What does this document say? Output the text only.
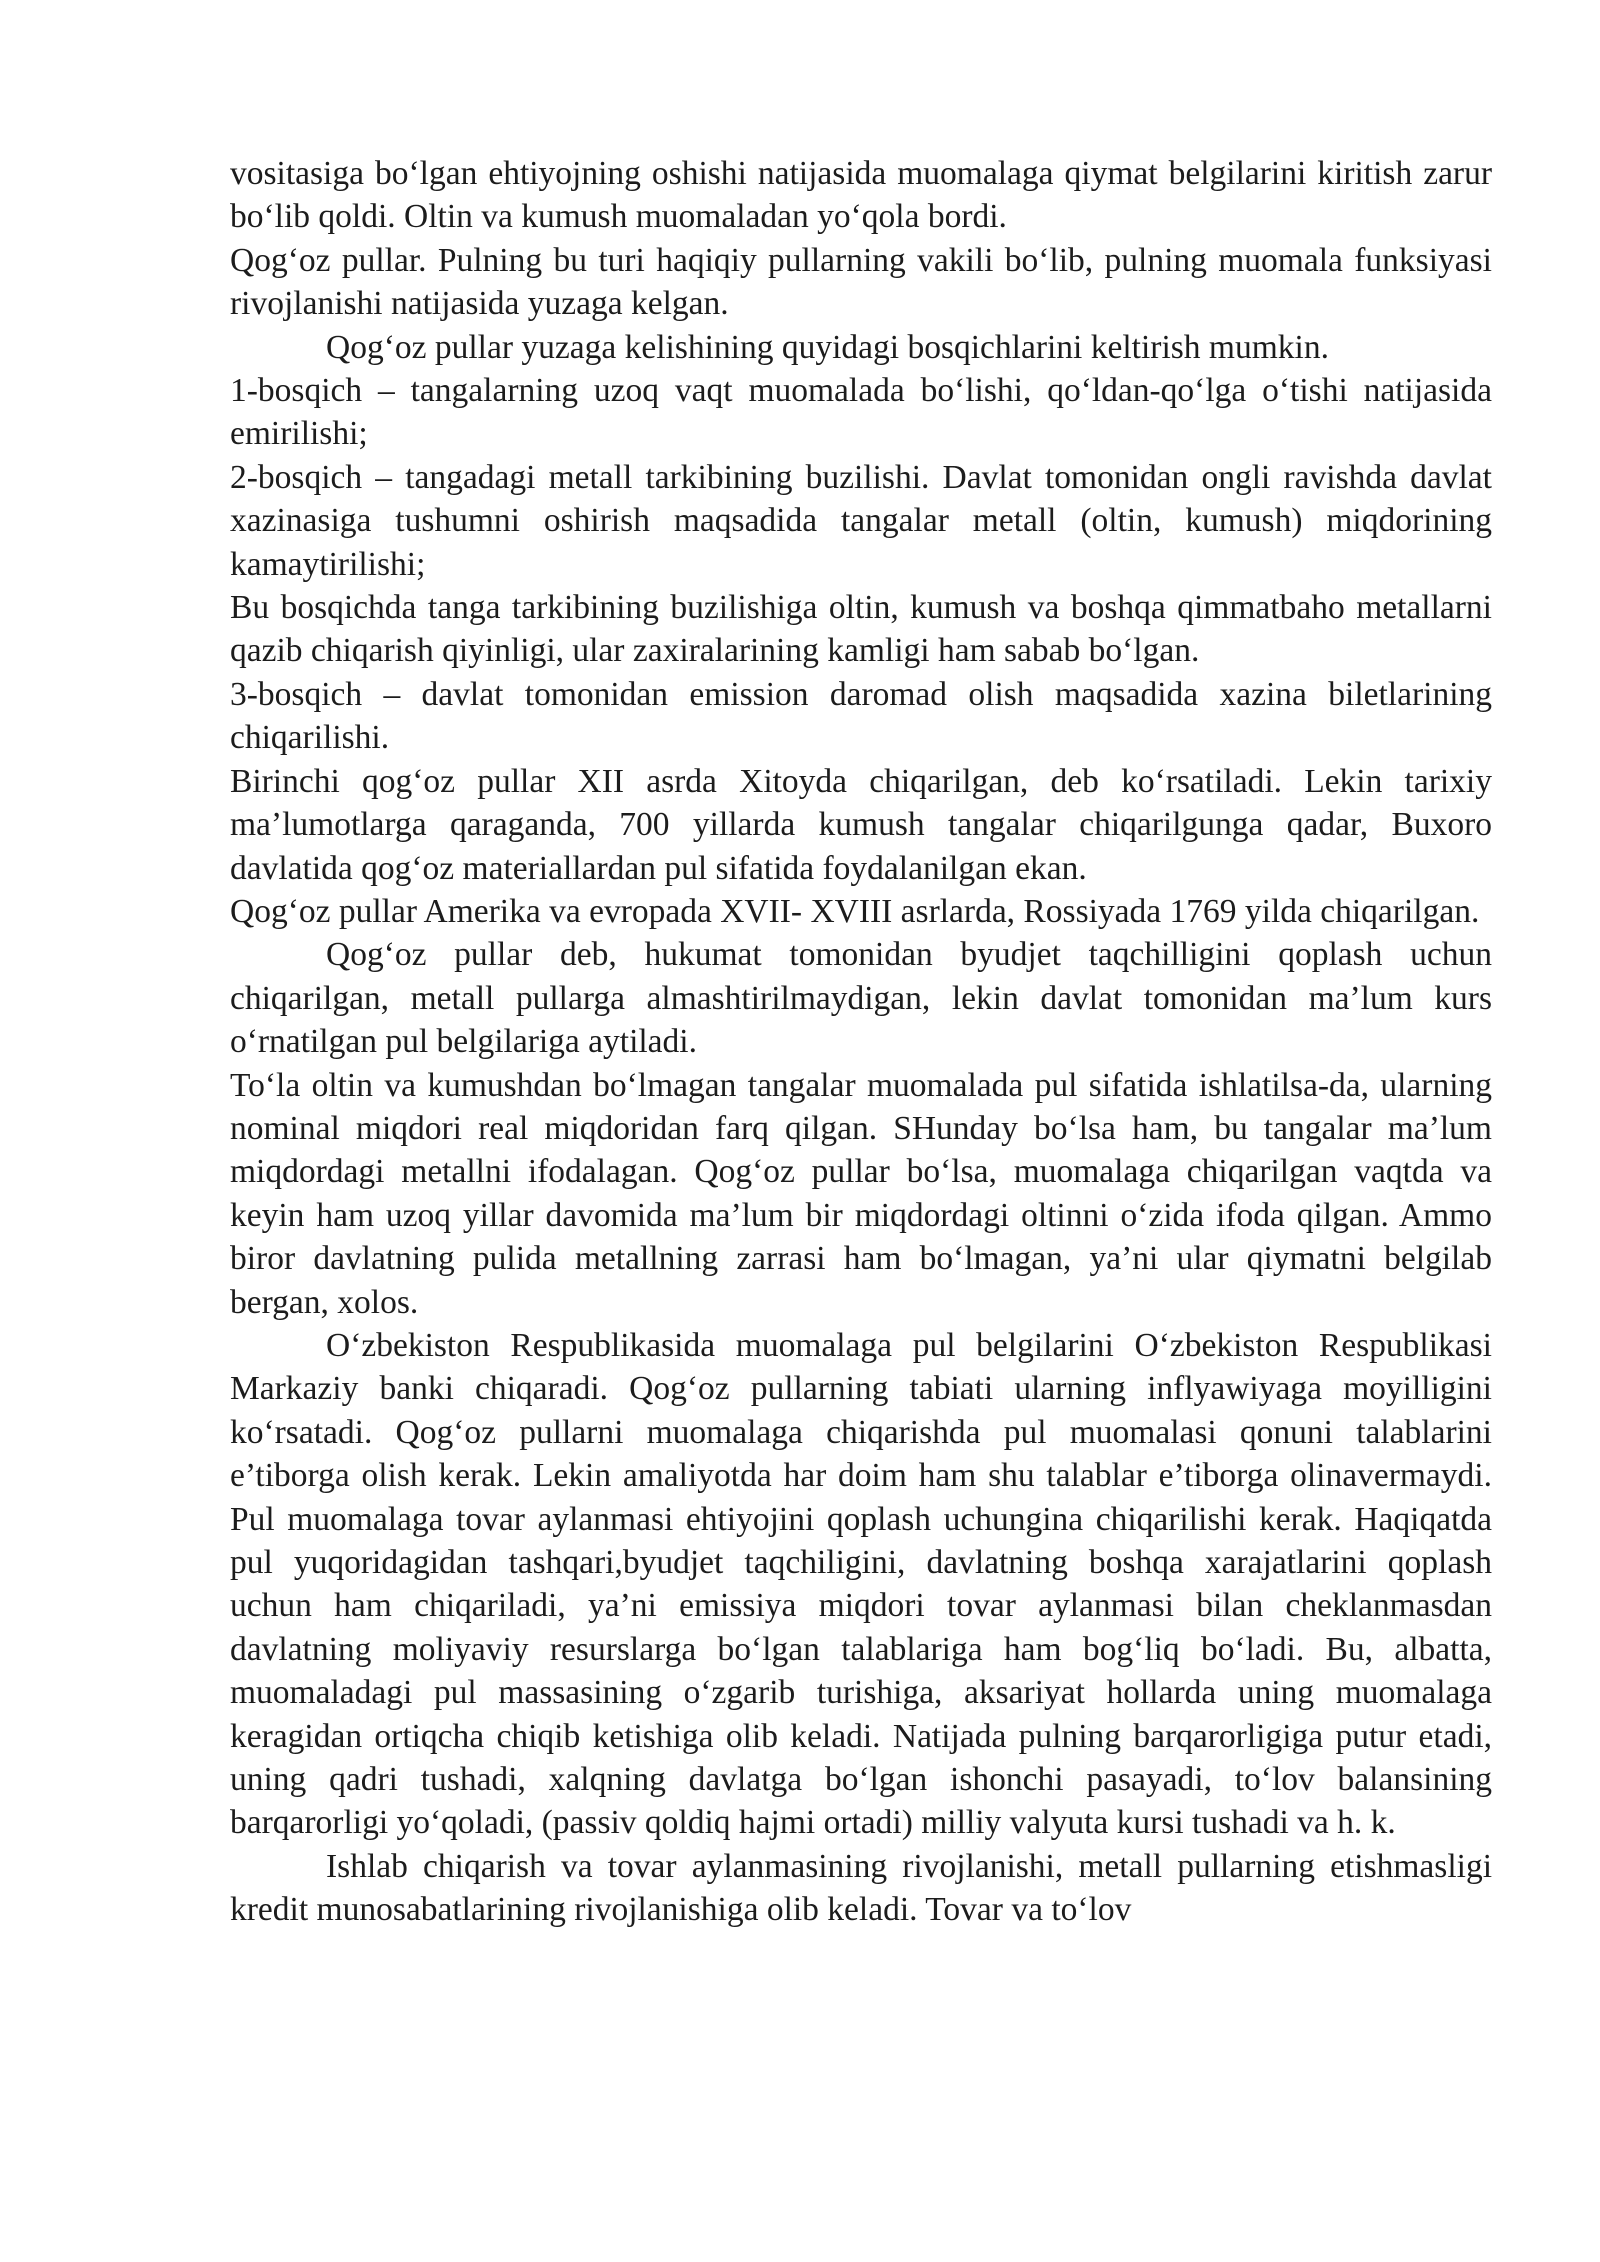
vositasiga bo‘lgan ehtiyojning oshishi natijasida muomalaga qiymat belgilarini kiritish zarur bo‘lib qoldi. Oltin va kumush muomaladan yo‘qola bordi.

Qog‘oz pullar. Pulning bu turi haqiqiy pullarning vakili bo‘lib, pulning muomala funksiyasi rivojlanishi natijasida yuzaga kelgan.

Qog‘oz pullar yuzaga kelishining quyidagi bosqichlarini keltirish mumkin.

1-bosqich – tangalarning uzoq vaqt muomalada bo‘lishi, qo‘ldan-qo‘lga o‘tishi natijasida emirilishi;

2-bosqich – tangadagi metall tarkibining buzilishi. Davlat tomonidan ongli ravishda davlat xazinasiga tushumni oshirish maqsadida tangalar metall (oltin, kumush) miqdorining kamaytirilishi;

Bu bosqichda tanga tarkibining buzilishiga oltin, kumush va boshqa qimmatbaho metallarni qazib chiqarish qiyinligi, ular zaxiralarining kamligi ham sabab bo‘lgan.

3-bosqich – davlat tomonidan emission daromad olish maqsadida xazina biletlarining chiqarilishi.

Birinchi qog‘oz pullar XII asrda Xitoyda chiqarilgan, deb ko‘rsatiladi. Lekin tarixiy ma’lumotlarga qaraganda, 700 yillarda kumush tangalar chiqarilgunga qadar, Buxoro davlatida qog‘oz materiallardan pul sifatida foydalanilgan ekan.

Qog‘oz pullar Amerika va evropada XVII- XVIII asrlarda, Rossiyada 1769 yilda chiqarilgan.

Qog‘oz pullar deb, hukumat tomonidan byudjet taqchilligini qoplash uchun chiqarilgan, metall pullarga almashtirilmaydigan, lekin davlat tomonidan ma’lum kurs o‘rnatilgan pul belgilariga aytiladi.

To‘la oltin va kumushdan bo‘lmagan tangalar muomalada pul sifatida ishlatilsa-da, ularning nominal miqdori real miqdoridan farq qilgan. SHunday bo‘lsa ham, bu tangalar ma’lum miqdordagi metallni ifodalagan. Qog‘oz pullar bo‘lsa, muomalaga chiqarilgan vaqtda va keyin ham uzoq yillar davomida ma’lum bir miqdordagi oltinni o‘zida ifoda qilgan. Ammo biror davlatning pulida metallning zarrasi ham bo‘lmagan, ya’ni ular qiymatni belgilab bergan, xolos.

O‘zbekiston Respublikasida muomalaga pul belgilarini O‘zbekiston Respublikasi Markaziy banki chiqaradi. Qog‘oz pullarning tabiati ularning inflyawiyaga moyilligini ko‘rsatadi. Qog‘oz pullarni muomalaga chiqarishda pul muomalasi qonuni talablarini e’tiborga olish kerak. Lekin amaliyotda har doim ham shu talablar e’tiborga olinavermaydi. Pul muomalaga tovar aylanmasi ehtiyojini qoplash uchungina chiqarilishi kerak. Haqiqatda pul yuqoridagidan tashqari,byudjet taqchiligini, davlatning boshqa xarajatlarini qoplash uchun ham chiqariladi, ya’ni emissiya miqdori tovar aylanmasi bilan cheklanmasdan davlatning moliyaviy resurslarga bo‘lgan talablariga ham bog‘liq bo‘ladi. Bu, albatta, muomaladagi pul massasining o‘zgarib turishiga, aksariyat hollarda uning muomalaga keragidan ortiqcha chiqib ketishiga olib keladi. Natijada pulning barqarorligiga putur etadi, uning qadri tushadi, xalqning davlatga bo‘lgan ishonchi pasayadi, to‘lov balansining barqarorligi yo‘qoladi, (passiv qoldiq hajmi ortadi) milliy valyuta kursi tushadi va h. k.

Ishlab chiqarish va tovar aylanmasining rivojlanishi, metall pullarning etishmasligi kredit munosabatlarining rivojlanishiga olib keladi. Tovar va to‘lov
